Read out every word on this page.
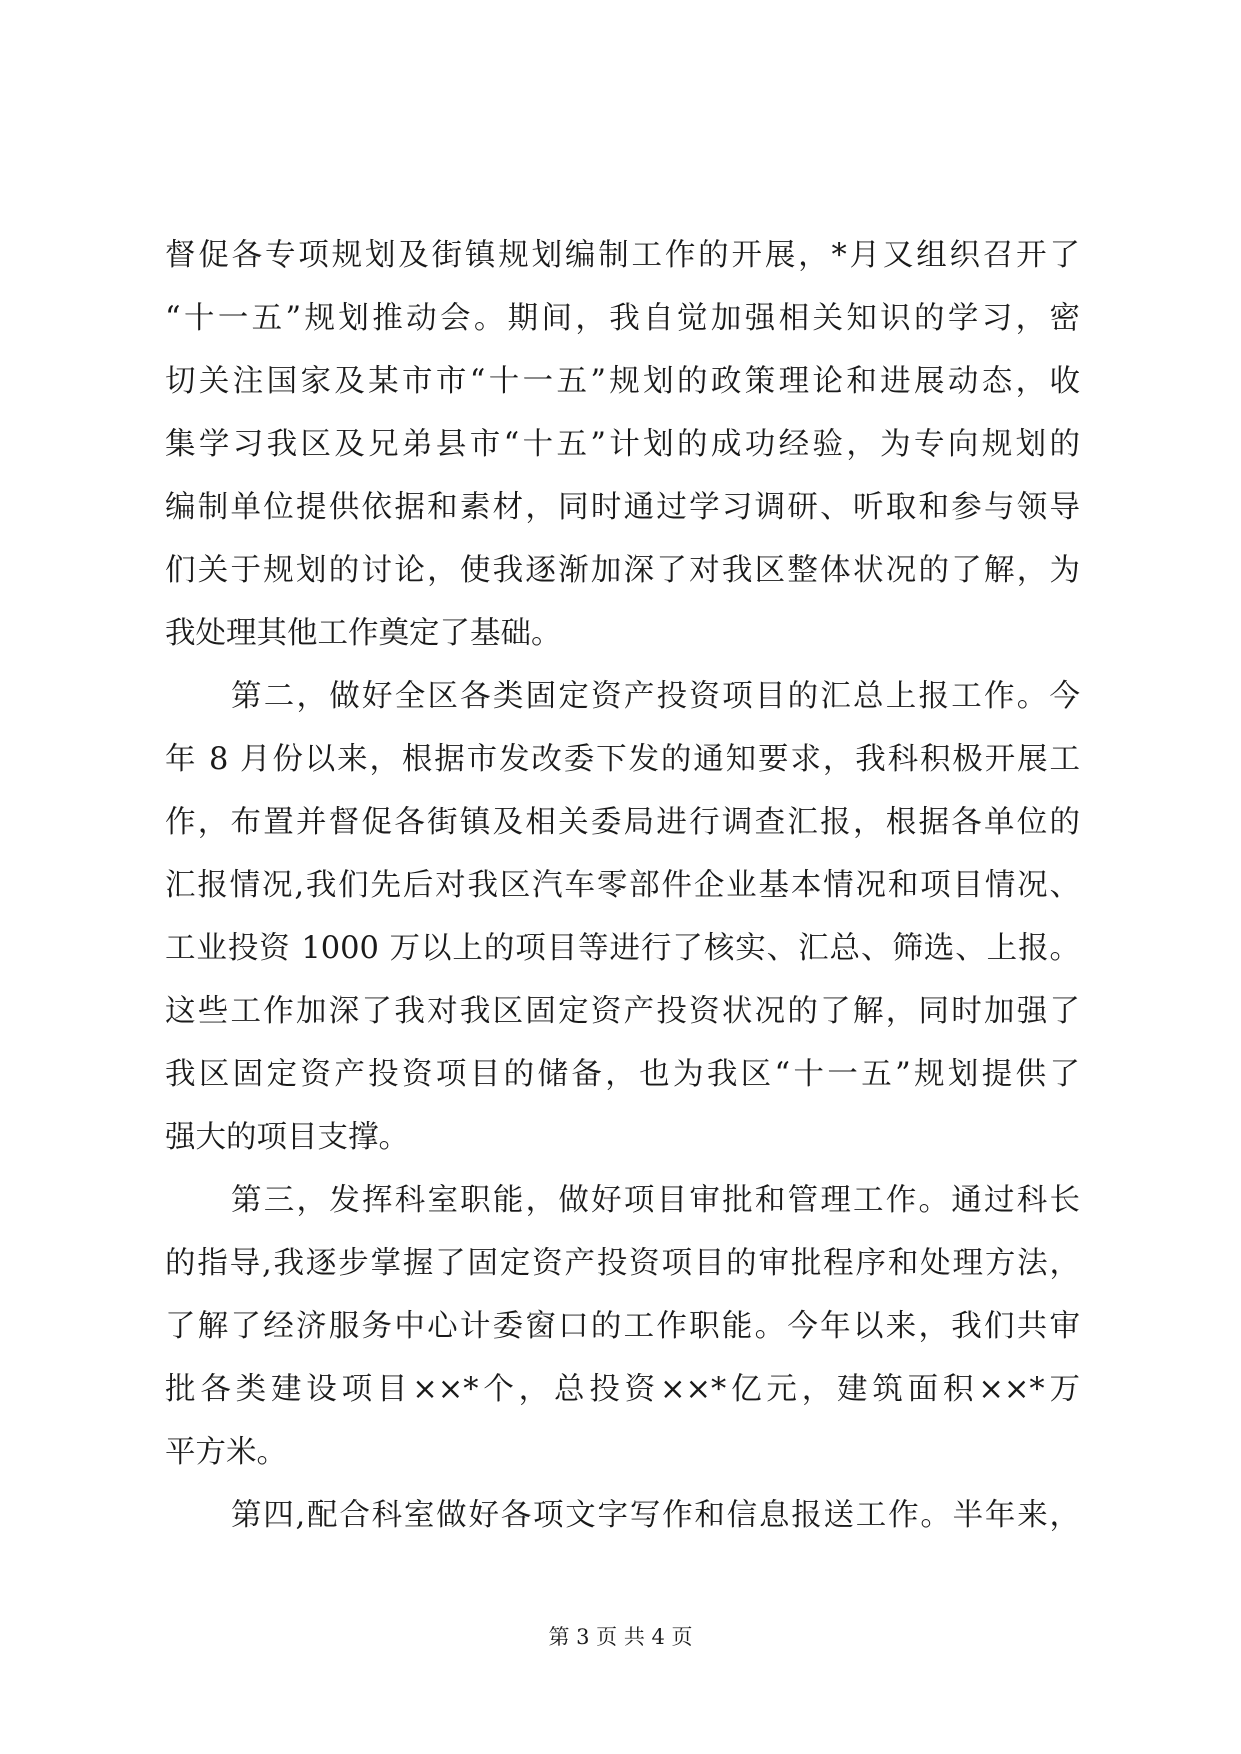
督促各专项规划及街镇规划编制工作的开展，*月又组织召开了
“十一五”规划推动会。期间，我自觉加强相关知识的学习，密
切关注国家及某市市“十一五”规划的政策理论和进展动态，收
集学习我区及兄弟县市“十五”计划的成功经验，为专向规划的
编制单位提供依据和素材，同时通过学习调研、听取和参与领导
们关于规划的讨论，使我逐渐加深了对我区整体状况的了解，为
我处理其他工作奠定了基础。
第二，做好全区各类固定资产投资项目的汇总上报工作。今
年 8 月份以来，根据市发改委下发的通知要求，我科积极开展工
作，布置并督促各街镇及相关委局进行调查汇报，根据各单位的
汇报情况,我们先后对我区汽车零部件企业基本情况和项目情况、
工业投资 1000 万以上的项目等进行了核实、汇总、筛选、上报。
这些工作加深了我对我区固定资产投资状况的了解，同时加强了
我区固定资产投资项目的储备，也为我区“十一五”规划提供了
强大的项目支撑。
第三，发挥科室职能，做好项目审批和管理工作。通过科长
的指导,我逐步掌握了固定资产投资项目的审批程序和处理方法，
了解了经济服务中心计委窗口的工作职能。今年以来，我们共审
批各类建设项目××*个，总投资××*亿元，建筑面积××*万
平方米。
第四,配合科室做好各项文字写作和信息报送工作。半年来，
第 3 页 共 4 页
